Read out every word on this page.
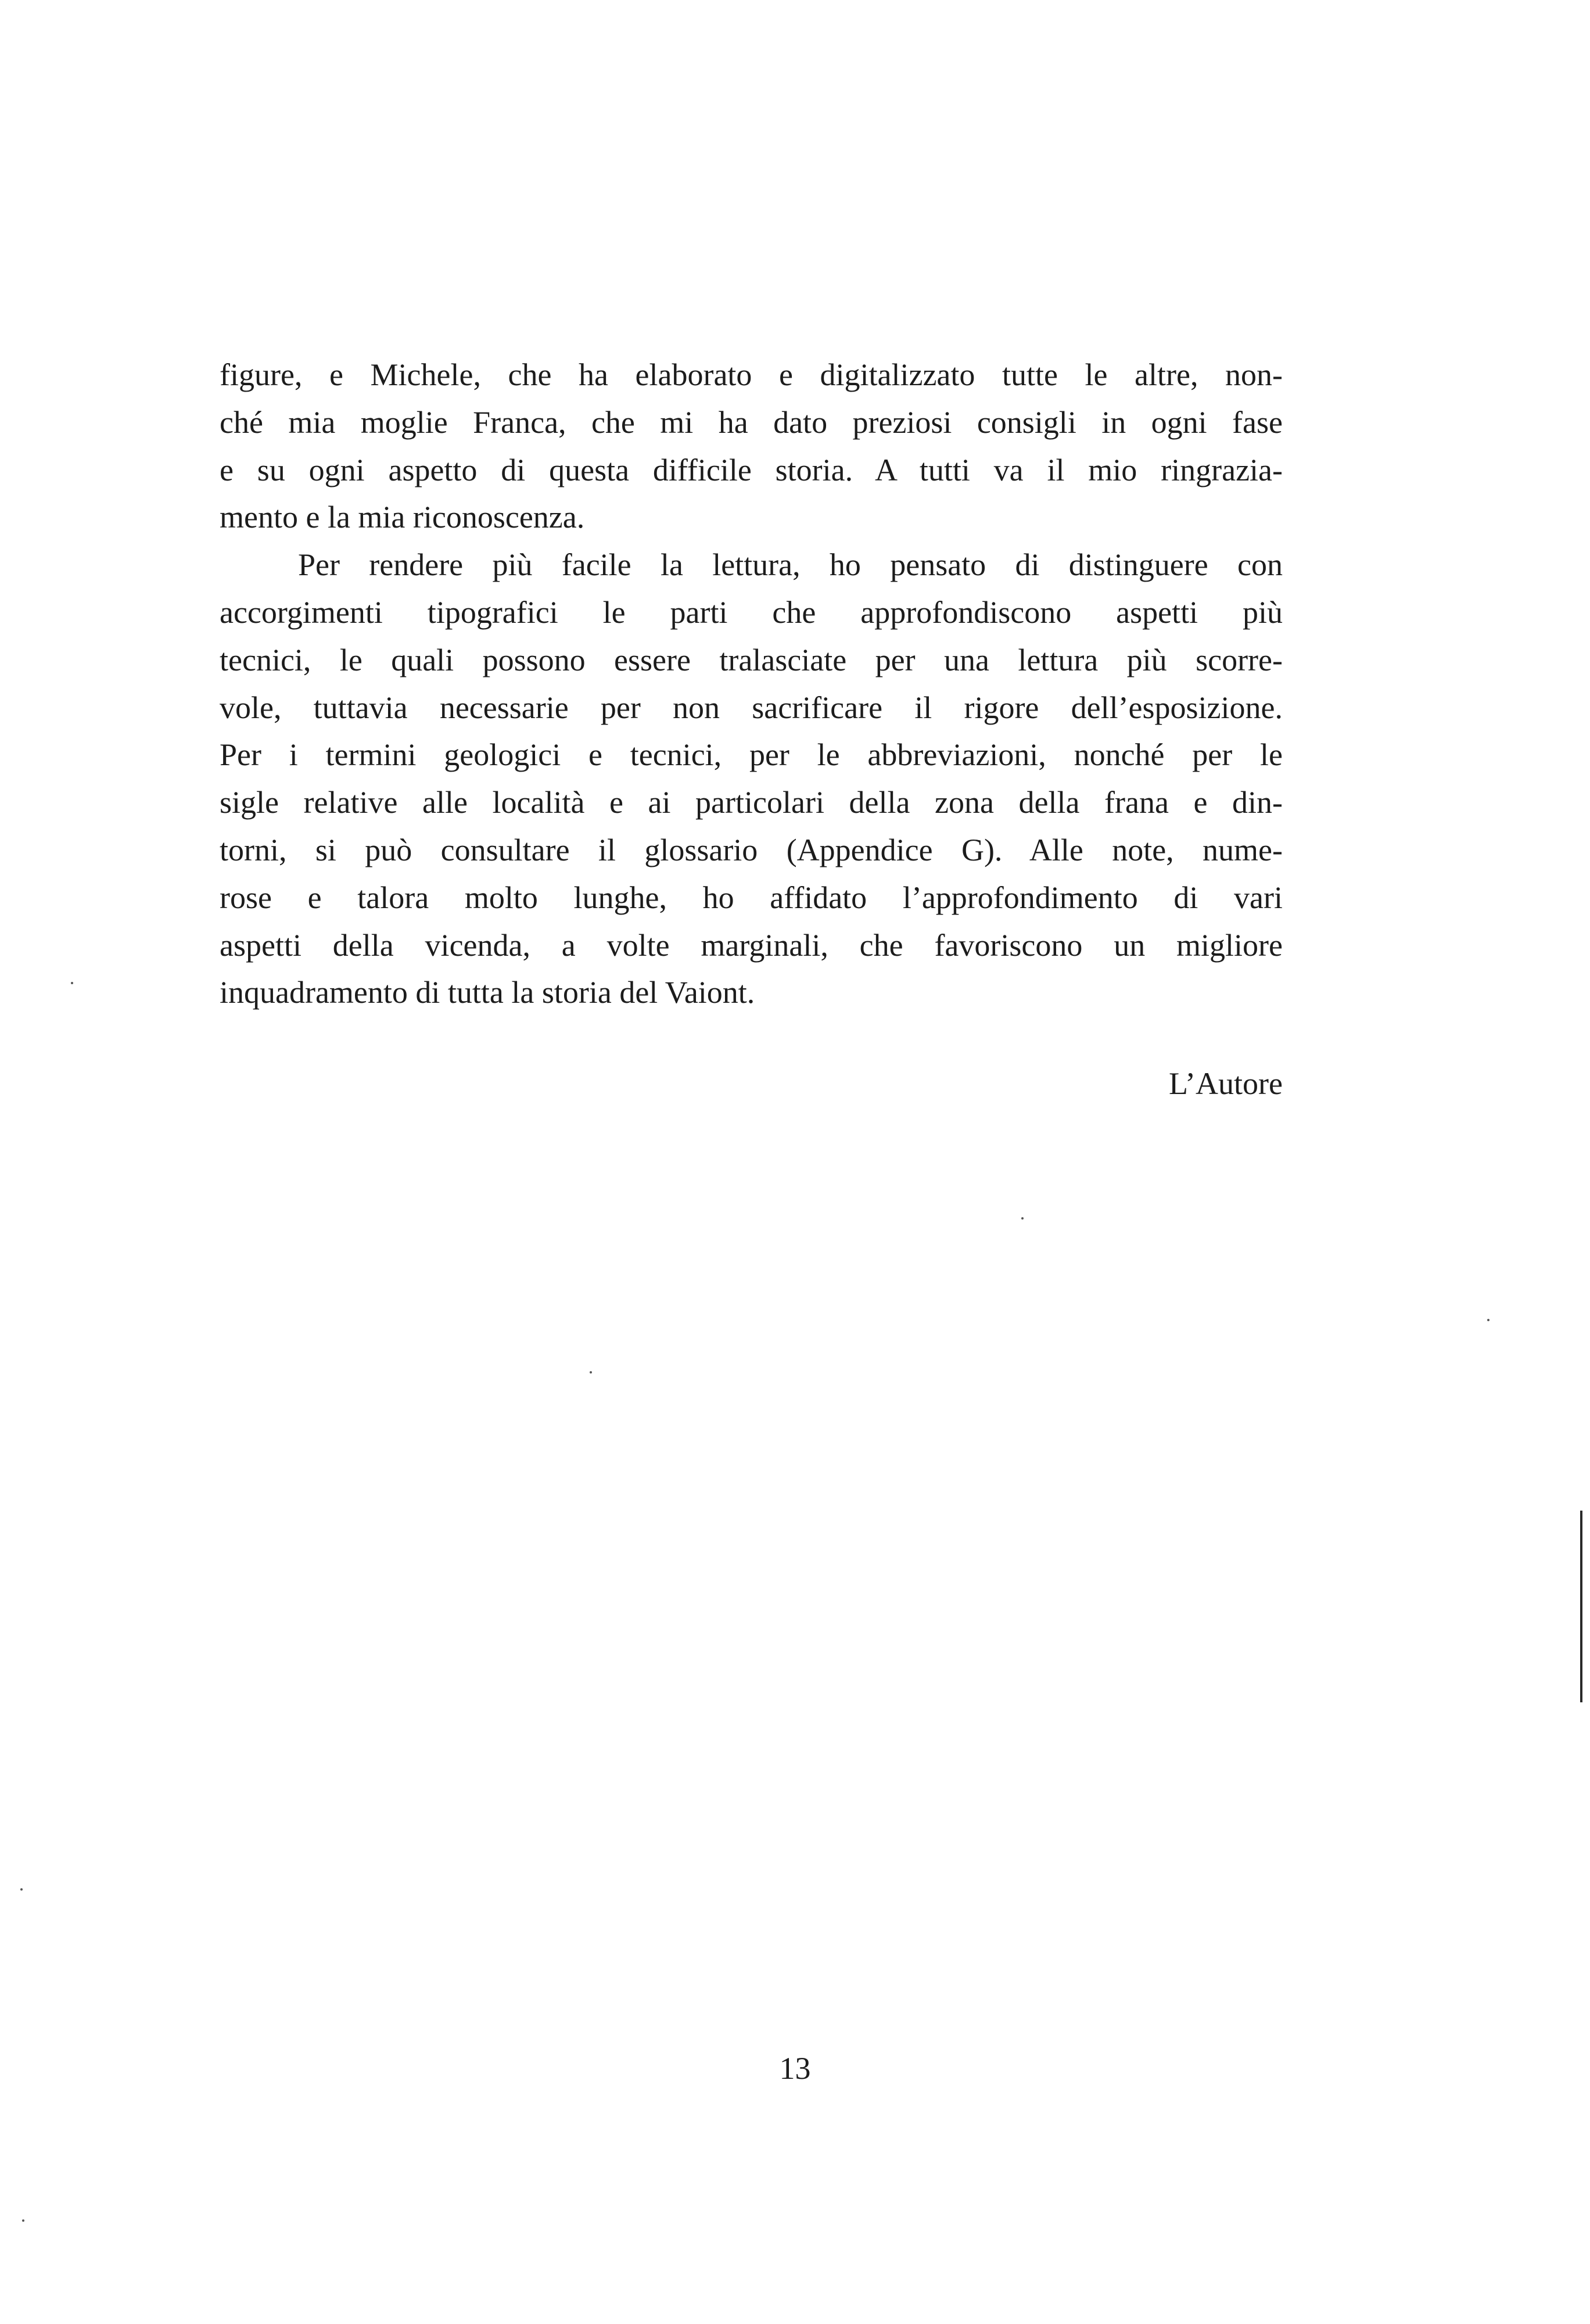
figure, e Michele, che ha elaborato e digitalizzato tutte le altre, non-
ché mia moglie Franca, che mi ha dato preziosi consigli in ogni fase
e su ogni aspetto di questa difficile storia. A tutti va il mio ringrazia-
mento e la mia riconoscenza.
Per rendere più facile la lettura, ho pensato di distinguere con
accorgimenti tipografici le parti che approfondiscono aspetti più
tecnici, le quali possono essere tralasciate per una lettura più scorre-
vole, tuttavia necessarie per non sacrificare il rigore dell’esposizione.
Per i termini geologici e tecnici, per le abbreviazioni, nonché per le
sigle relative alle località e ai particolari della zona della frana e din-
torni, si può consultare il glossario (Appendice G). Alle note, nume-
rose e talora molto lunghe, ho affidato l’approfondimento di vari
aspetti della vicenda, a volte marginali, che favoriscono un migliore
inquadramento di tutta la storia del Vaiont.
L’Autore
13
